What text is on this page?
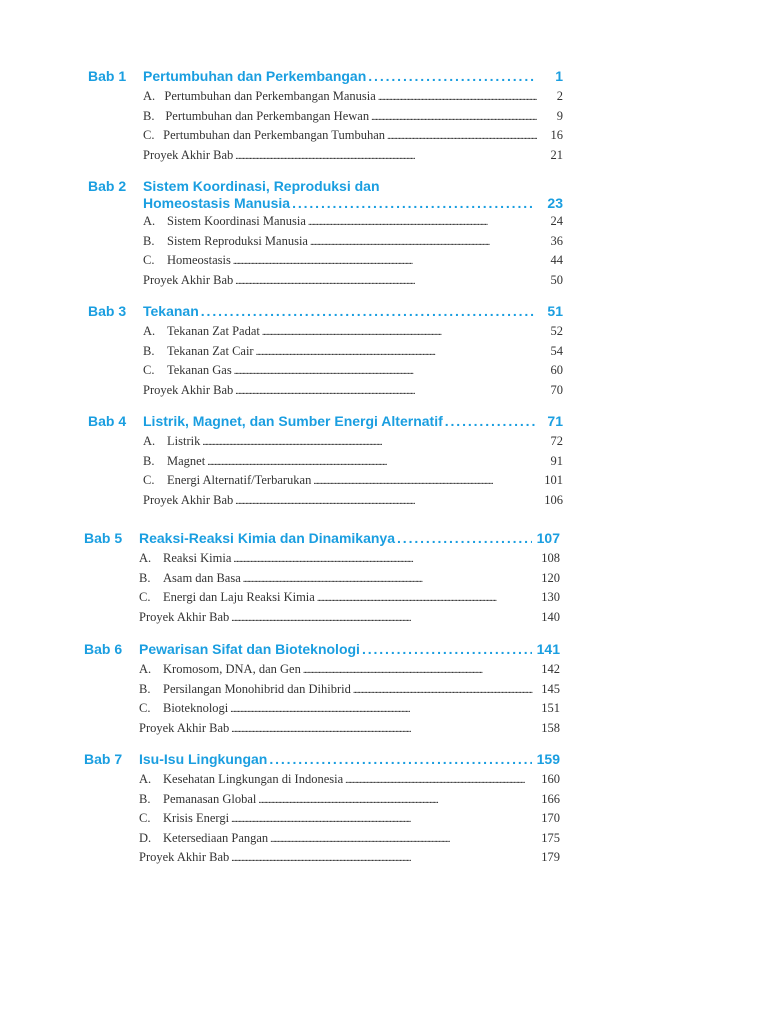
Bab 1 Pertumbuhan dan Perkembangan . . .	1
A. Pertumbuhan dan Perkembangan Manusia . . .	2
B. Pertumbuhan dan Perkembangan Hewan . . .	9
C. Pertumbuhan dan Perkembangan Tumbuhan . . .	16
Proyek Akhir Bab . . .	21
Bab 2 Sistem Koordinasi, Reproduksi dan
Homeostasis Manusia . . .	23
A. Sistem Koordinasi Manusia . . .	24
B.	Sistem Reproduksi Manusia . . .	36
C.	Homeostasis . . .	44
Proyek Akhir Bab . . .	50
Bab 3 Tekanan . . .	51
A. Tekanan Zat Padat . . .	52
B.	Tekanan Zat Cair . . .	54
C.	Tekanan Gas . . .	60
Proyek Akhir Bab . . .	70
Bab 4 Listrik, Magnet, dan Sumber Energi Alternatif . . .	71
A. Listrik . . .	72
B.	Magnet . . .	91
C.	Energi Alternatif/Terbarukan . . .	101
Proyek Akhir Bab . . .	106
Bab 5 Reaksi-Reaksi Kimia dan Dinamikanya . . .	107
A. Reaksi Kimia . . .	108
B.	Asam dan Basa . . .	120
C.	Energi dan Laju Reaksi Kimia . . .	130
Proyek Akhir Bab . . .	140
Bab 6 Pewarisan Sifat dan Bioteknologi . . .	141
A. Kromosom, DNA, dan Gen . . .	142
B.	Persilangan Monohibrid dan Dihibrid . . .	145
C.	Bioteknologi . . .	151
Proyek Akhir Bab . . .	158
Bab 7 Isu-Isu Lingkungan . . .	159
A. Kesehatan Lingkungan di Indonesia . . .	160
B.	Pemanasan Global . . .	166
C.	Krisis Energi . . .	170
D. Ketersediaan Pangan . . .	175
Proyek Akhir Bab . . .	179
